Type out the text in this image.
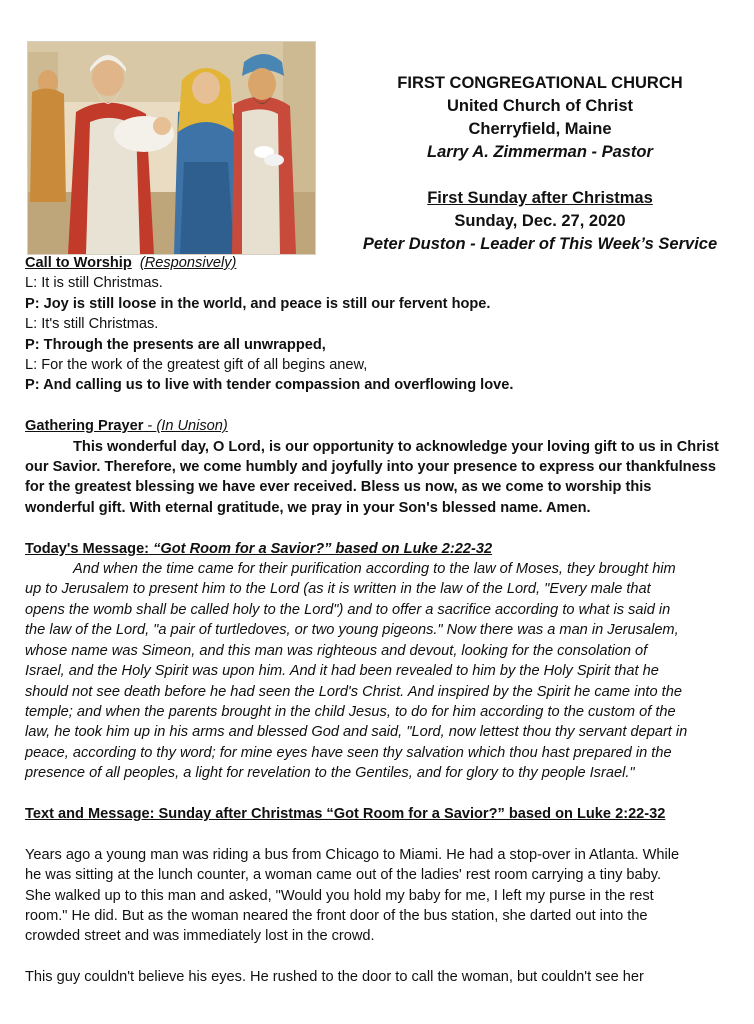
FIRST CONGREGATIONAL CHURCH
United Church of Christ
Cherryfield, Maine
Larry A. Zimmerman - Pastor
First Sunday after Christmas
Sunday, Dec. 27, 2020
Peter Duston - Leader of This Week’s Service
Call to Worship (Responsively)
L: It is still Christmas.
P: Joy is still loose in the world, and peace is still our fervent hope.
L: It's still Christmas.
P: Through the presents are all unwrapped,
L: For the work of the greatest gift of all begins anew,
P: And calling us to live with tender compassion and overflowing love.
Gathering Prayer - (In Unison)
This wonderful day, O Lord, is our opportunity to acknowledge your loving gift to us in Christ
our Savior. Therefore, we come humbly and joyfully into your presence to express our thankfulness
for the greatest blessing we have ever received. Bless us now, as we come to worship this
wonderful gift. With eternal gratitude, we pray in your Son's blessed name. Amen.
Today's Message: “Got Room for a Savior?” based on Luke 2:22-32
And when the time came for their purification according to the law of Moses, they brought him
up to Jerusalem to present him to the Lord (as it is written in the law of the Lord, "Every male that
opens the womb shall be called holy to the Lord") and to offer a sacrifice according to what is said in
the law of the Lord, "a pair of turtledoves, or two young pigeons." Now there was a man in Jerusalem,
whose name was Simeon, and this man was righteous and devout, looking for the consolation of
Israel, and the Holy Spirit was upon him. And it had been revealed to him by the Holy Spirit that he
should not see death before he had seen the Lord's Christ. And inspired by the Spirit he came into the
temple; and when the parents brought in the child Jesus, to do for him according to the custom of the
law, he took him up in his arms and blessed God and said, "Lord, now lettest thou thy servant depart in
peace, according to thy word; for mine eyes have seen thy salvation which thou hast prepared in the
presence of all peoples, a light for revelation to the Gentiles, and for glory to thy people Israel."
Text and Message: Sunday after Christmas “Got Room for a Savior?” based on Luke 2:22-32
Years ago a young man was riding a bus from Chicago to Miami. He had a stop-over in Atlanta. While
he was sitting at the lunch counter, a woman came out of the ladies' rest room carrying a tiny baby.
She walked up to this man and asked, "Would you hold my baby for me, I left my purse in the rest
room." He did. But as the woman neared the front door of the bus station, she darted out into the
crowded street and was immediately lost in the crowd.
This guy couldn't believe his eyes. He rushed to the door to call the woman, but couldn't see her
